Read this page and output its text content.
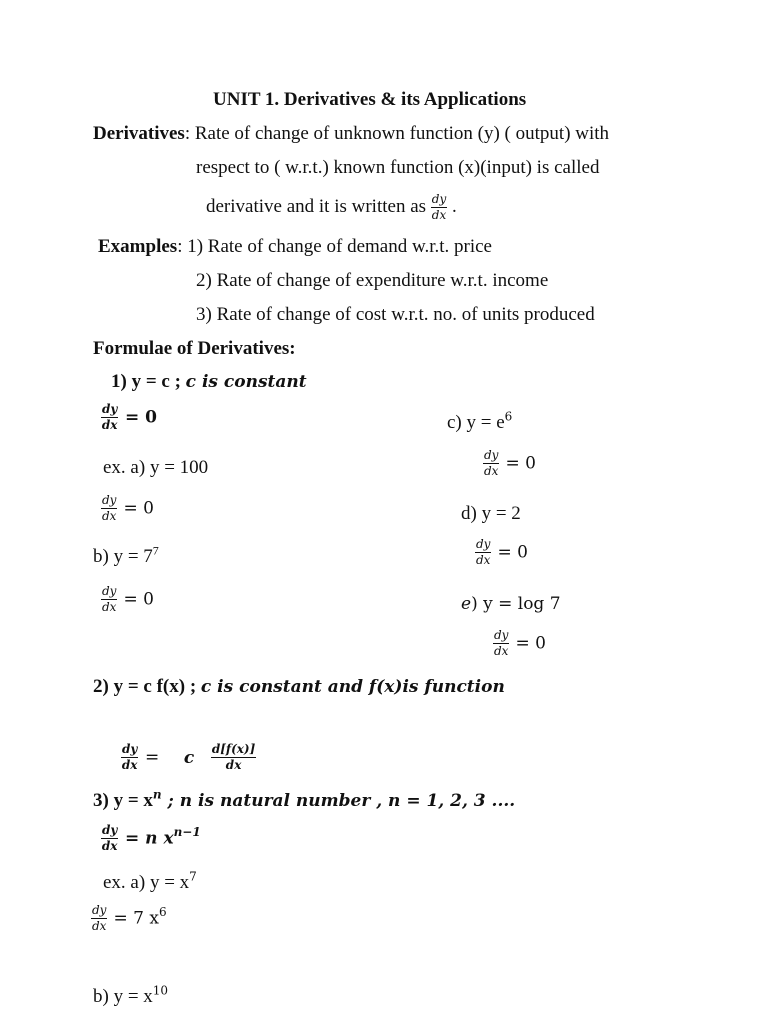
UNIT 1. Derivatives & its Applications
Derivatives: Rate of change of unknown function (y) ( output) with
respect to ( w.r.t.) known function (x)(input) is called
derivative and it is written as $\frac{dy}{dx}$ .
Examples: 1) Rate of change of demand w.r.t. price
2) Rate of change of expenditure w.r.t. income
3) Rate of change of cost w.r.t. no. of units produced
Formulae of Derivatives:
1) y = c ; c is constant
$\frac{dy}{dx} = 0$
ex. a) y = 100
$\frac{dy}{dx} = 0$
b) $y = 7^7$
$\frac{dy}{dx} = 0$
c) $y = e^6$
$\frac{dy}{dx} = 0$
d) y = 2
$\frac{dy}{dx} = 0$
e) y = log 7
$\frac{dy}{dx} = 0$
2) y = c f(x) ; c is constant and f(x)is function
$\frac{dy}{dx} = c \frac{d[f(x)]}{dx}$
3) $y = x^n$ ; n is natural number , n = 1, 2, 3 ....
$\frac{dy}{dx} = n$ $x^{n-1}$
ex. a) $y = x^7$
$\frac{dy}{dx} = 7$ $x^6$
b) $y = x^{10}$
